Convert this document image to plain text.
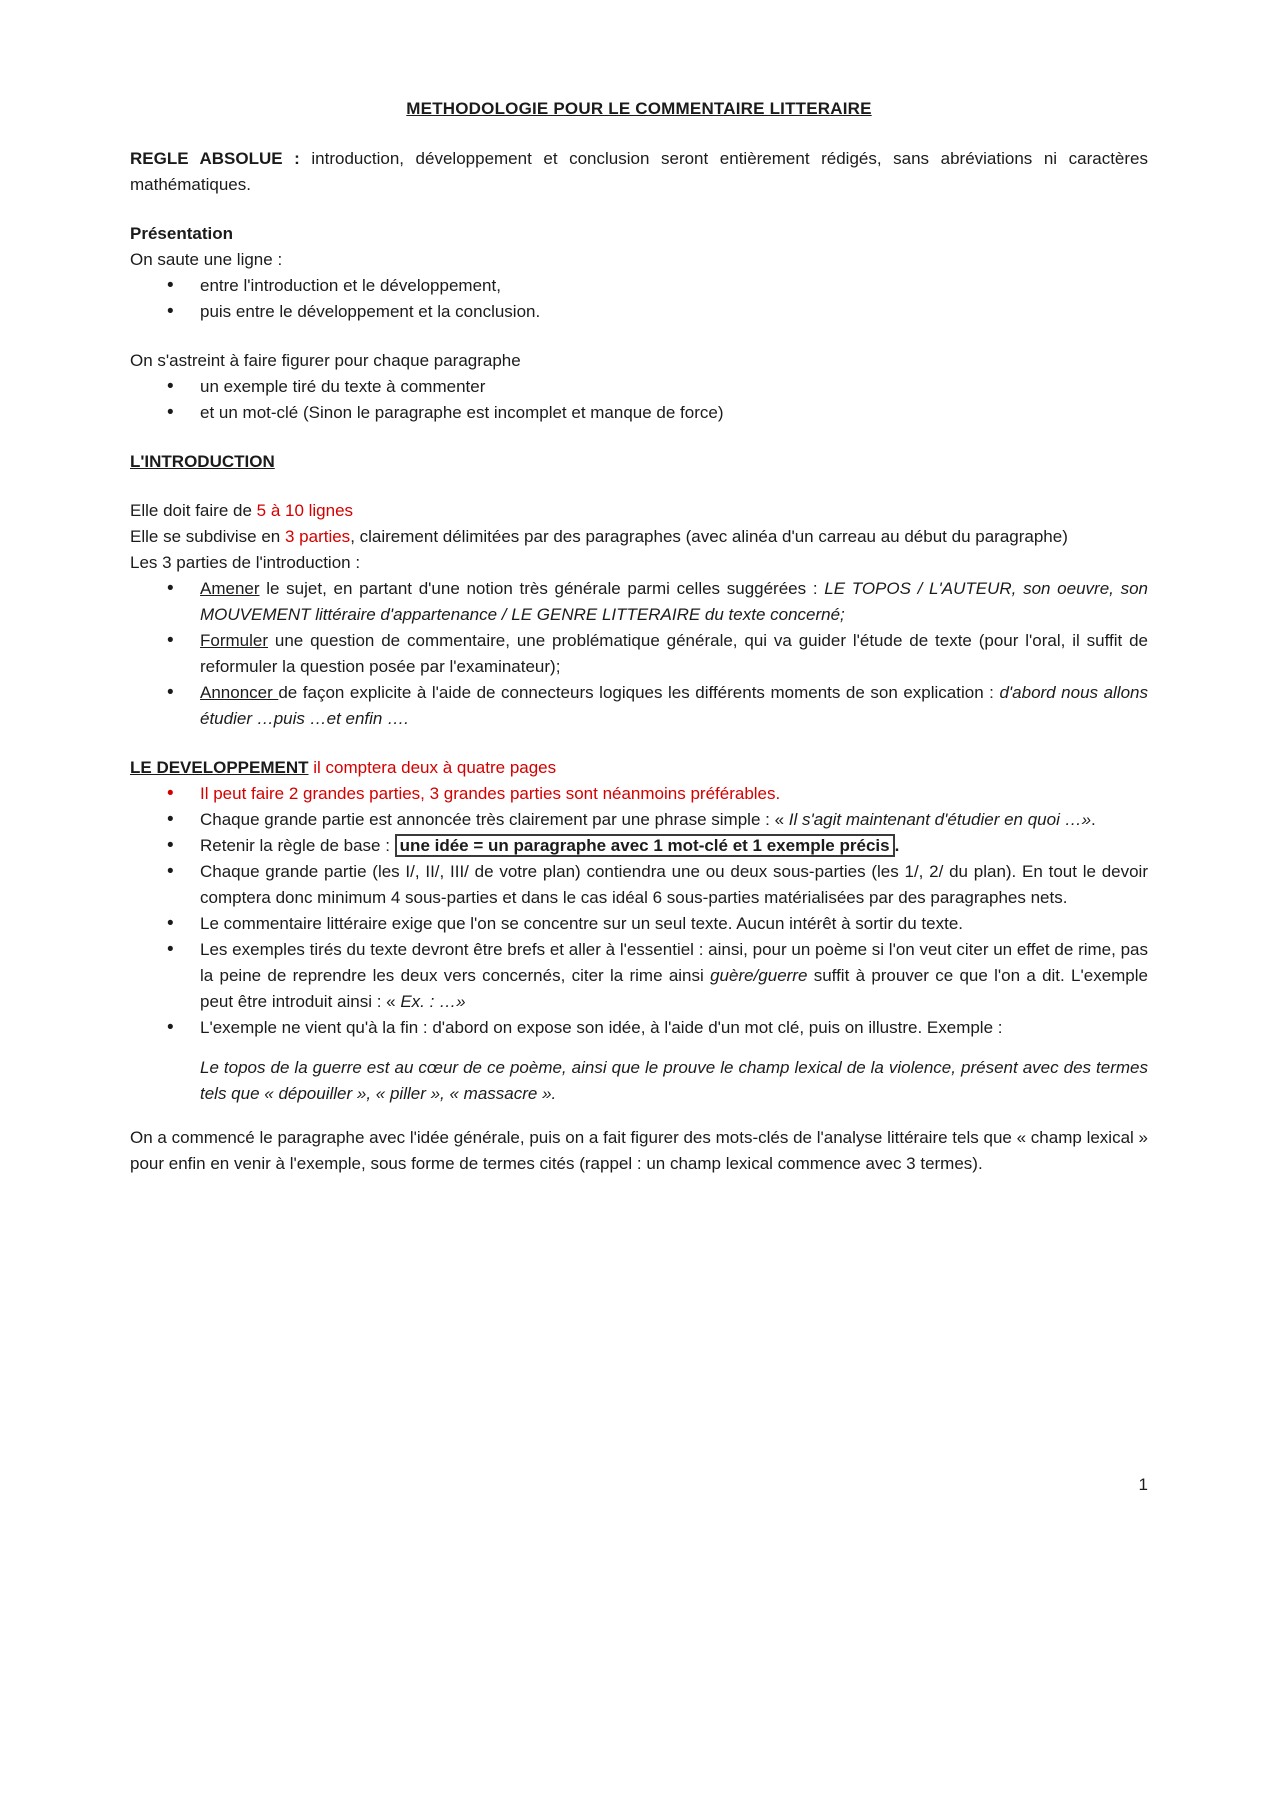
METHODOLOGIE POUR LE COMMENTAIRE LITTERAIRE

REGLE ABSOLUE : introduction, développement et conclusion seront entièrement rédigés, sans abréviations ni caractères mathématiques.

Présentation

On saute une ligne :

• entre l'introduction et le développement,
• puis entre le développement et la conclusion.

On s'astreint à faire figurer pour chaque paragraphe

• un exemple tiré du texte à commenter
• et un mot-clé (Sinon le paragraphe est incomplet et manque de force)
L'INTRODUCTION

Elle doit faire de 5 à 10 lignes

Elle se subdivise en 3 parties, clairement délimitées par des paragraphes (avec alinéa d'un carreau au début du paragraphe)

Les 3 parties de l'introduction :

• Amener le sujet, en partant d'une notion très générale parmi celles suggérées : LE TOPOS / L'AUTEUR, son oeuvre, son MOUVEMENT littéraire d'appartenance / LE GENRE LITTERAIRE du texte concerné;
• Formuler une question de commentaire, une problématique générale, qui va guider l'étude de texte (pour l'oral, il suffit de reformuler la question posée par l'examinateur);
• Annoncer de façon explicite à l'aide de connecteurs logiques les différents moments de son explication : d'abord nous allons étudier …puis …et enfin ….

LE DEVELOPPEMENT il comptera deux à quatre pages

• Il peut faire 2 grandes parties, 3 grandes parties sont néanmoins préférables.
• Chaque grande partie est annoncée très clairement par une phrase simple : « Il s'agit maintenant d'étudier en quoi …».
• Retenir la règle de base : une idée = un paragraphe avec 1 mot-clé et 1 exemple précis .
• Chaque grande partie (les I/, II/, III/ de votre plan) contiendra une ou deux sous-parties (les 1/, 2/ du plan). En tout le devoir comptera donc minimum 4 sous-parties et dans le cas idéal 6 sous-parties matérialisées par des paragraphes nets.
• Le commentaire littéraire exige que l'on se concentre sur un seul texte. Aucun intérêt à sortir du texte.
• Les exemples tirés du texte devront être brefs et aller à l'essentiel : ainsi, pour un poème si l'on veut citer un effet de rime, pas la peine de reprendre les deux vers concernés, citer la rime ainsi guère/guerre suffit à prouver ce que l'on a dit. L'exemple peut être introduit ainsi : « Ex. : …»
• L'exemple ne vient qu'à la fin : d'abord on expose son idée, à l'aide d'un mot clé, puis on illustre. Exemple :

Le topos de la guerre est au cœur de ce poème, ainsi que le prouve le champ lexical de la violence, présent avec des termes tels que « dépouiller », « piller », « massacre ».

On a commencé le paragraphe avec l'idée générale, puis on a fait figurer des mots-clés de l'analyse littéraire tels que « champ lexical » pour enfin en venir à l'exemple, sous forme de termes cités (rappel : un champ lexical commence avec 3 termes).

1
